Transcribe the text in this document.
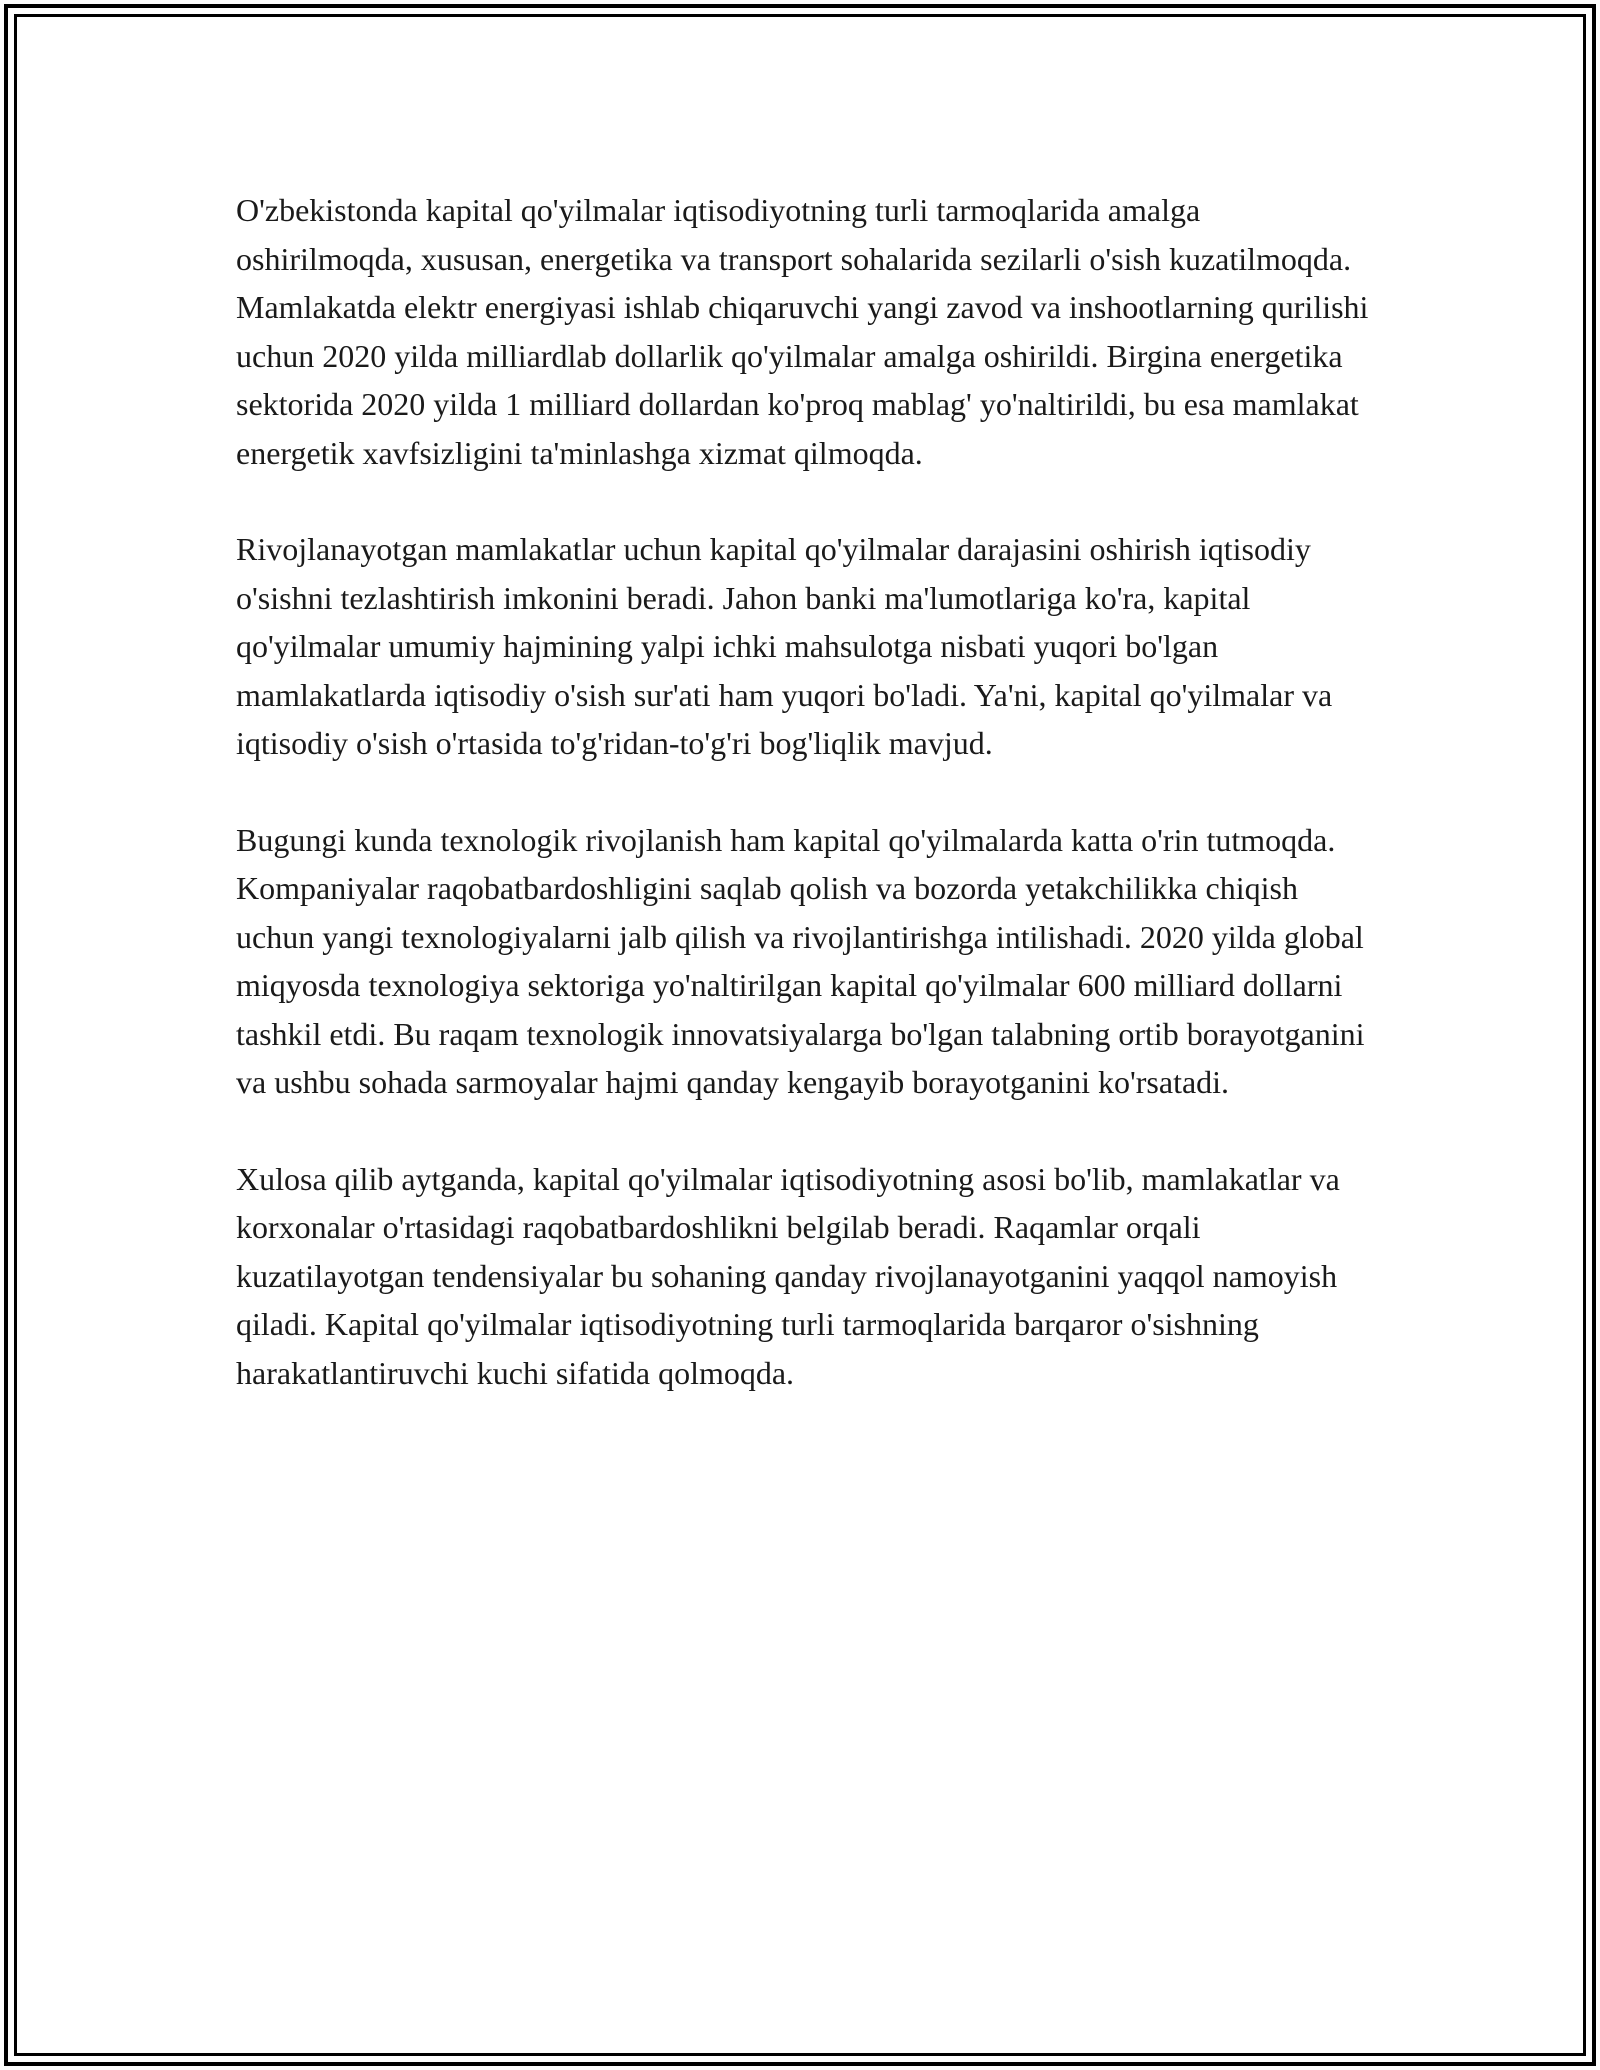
O'zbekistonda kapital qo'yilmalar iqtisodiyotning turli tarmoqlarida amalga oshirilmoqda, xususan, energetika va transport sohalarida sezilarli o'sish kuzatilmoqda. Mamlakatda elektr energiyasi ishlab chiqaruvchi yangi zavod va inshootlarning qurilishi uchun 2020 yilda milliardlab dollarlik qo'yilmalar amalga oshirildi. Birgina energetika sektorida 2020 yilda 1 milliard dollardan ko'proq mablag' yo'naltirildi, bu esa mamlakat energetik xavfsizligini ta'minlashga xizmat qilmoqda.

Rivojlanayotgan mamlakatlar uchun kapital qo'yilmalar darajasini oshirish iqtisodiy o'sishni tezlashtirish imkonini beradi. Jahon banki ma'lumotlariga ko'ra, kapital qo'yilmalar umumiy hajmining yalpi ichki mahsulotga nisbati yuqori bo'lgan mamlakatlarda iqtisodiy o'sish sur'ati ham yuqori bo'ladi. Ya'ni, kapital qo'yilmalar va iqtisodiy o'sish o'rtasida to'g'ridan-to'g'ri bog'liqlik mavjud.

Bugungi kunda texnologik rivojlanish ham kapital qo'yilmalarda katta o'rin tutmoqda. Kompaniyalar raqobatbardoshligini saqlab qolish va bozorda yetakchilikka chiqish uchun yangi texnologiyalarni jalb qilish va rivojlantirishga intilishadi. 2020 yilda global miqyosda texnologiya sektoriga yo'naltirilgan kapital qo'yilmalar 600 milliard dollarni tashkil etdi. Bu raqam texnologik innovatsiyalarga bo'lgan talabning ortib borayotganini va ushbu sohada sarmoyalar hajmi qanday kengayib borayotganini ko'rsatadi.

Xulosa qilib aytganda, kapital qo'yilmalar iqtisodiyotning asosi bo'lib, mamlakatlar va korxonalar o'rtasidagi raqobatbardoshlikni belgilab beradi. Raqamlar orqali kuzatilayotgan tendensiyalar bu sohaning qanday rivojlanayotganini yaqqol namoyish qiladi. Kapital qo'yilmalar iqtisodiyotning turli tarmoqlarida barqaror o'sishning harakatlantiruvchi kuchi sifatida qolmoqda.
